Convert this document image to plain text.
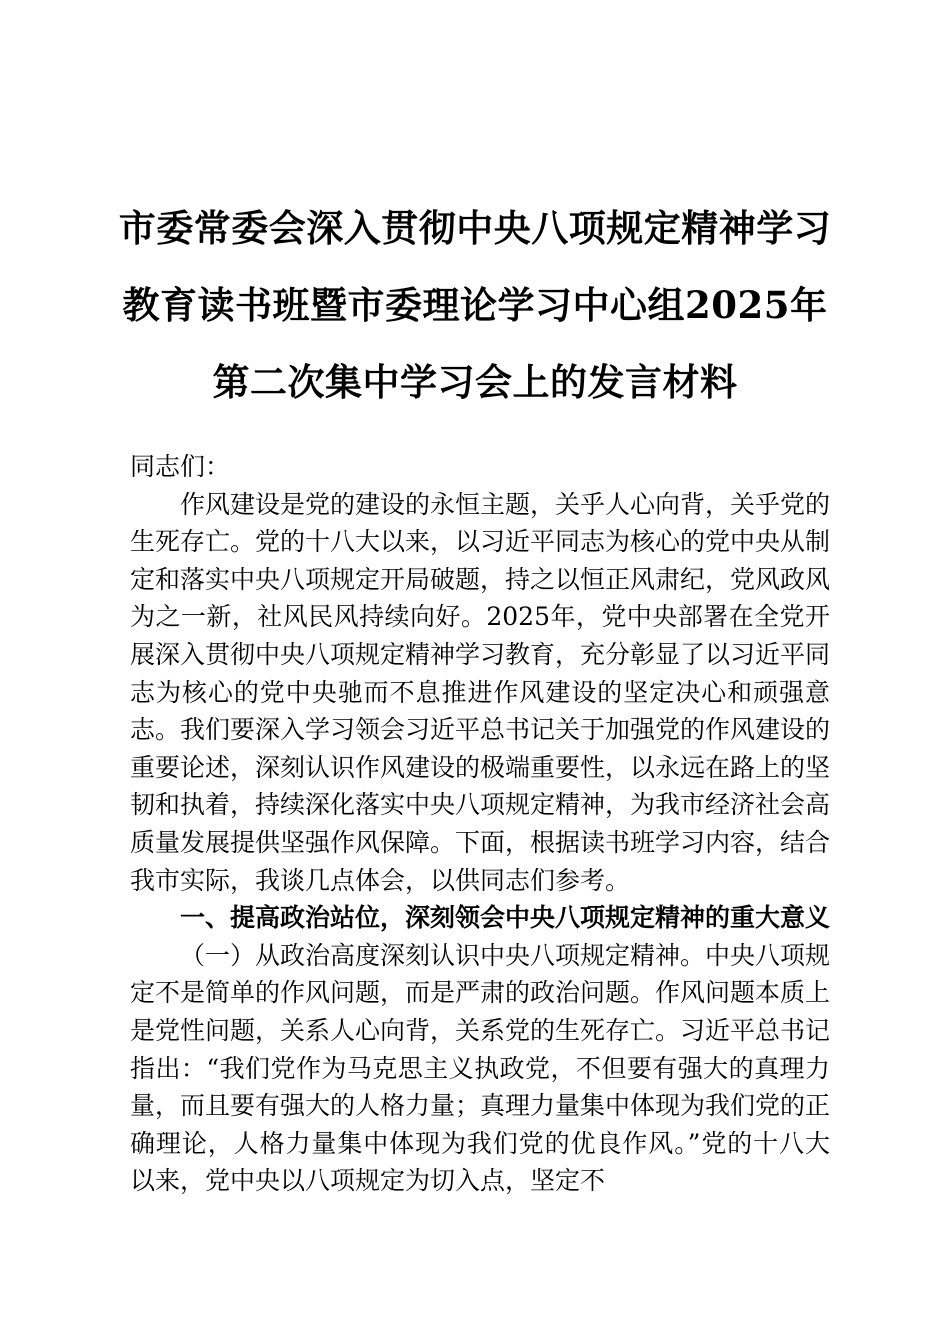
市委常委会深入贯彻中央八项规定精神学习教育读书班暨市委理论学习中心组2025年第二次集中学习会上的发言材料

同志们：

作风建设是党的建设的永恒主题，关乎人心向背，关乎党的生死存亡。党的十八大以来，以习近平同志为核心的党中央从制定和落实中央八项规定开局破题，持之以恒正风肃纪，党风政风为之一新，社风民风持续向好。2025年，党中央部署在全党开展深入贯彻中央八项规定精神学习教育，充分彰显了以习近平同志为核心的党中央驰而不息推进作风建设的坚定决心和顽强意志。我们要深入学习领会习近平总书记关于加强党的作风建设的重要论述，深刻认识作风建设的极端重要性，以永远在路上的坚韧和执着，持续深化落实中央八项规定精神，为我市经济社会高质量发展提供坚强作风保障。下面，根据读书班学习内容，结合我市实际，我谈几点体会，以供同志们参考。

一、提高政治站位，深刻领会中央八项规定精神的重大意义

（一）从政治高度深刻认识中央八项规定精神。中央八项规定不是简单的作风问题，而是严肃的政治问题。作风问题本质上是党性问题，关系人心向背，关系党的生死存亡。习近平总书记指出：“我们党作为马克思主义执政党，不但要有强大的真理力量，而且要有强大的人格力量；真理力量集中体现为我们党的正确理论，人格力量集中体现为我们党的优良作风。”党的十八大以来，党中央以八项规定为切入点，坚定不
